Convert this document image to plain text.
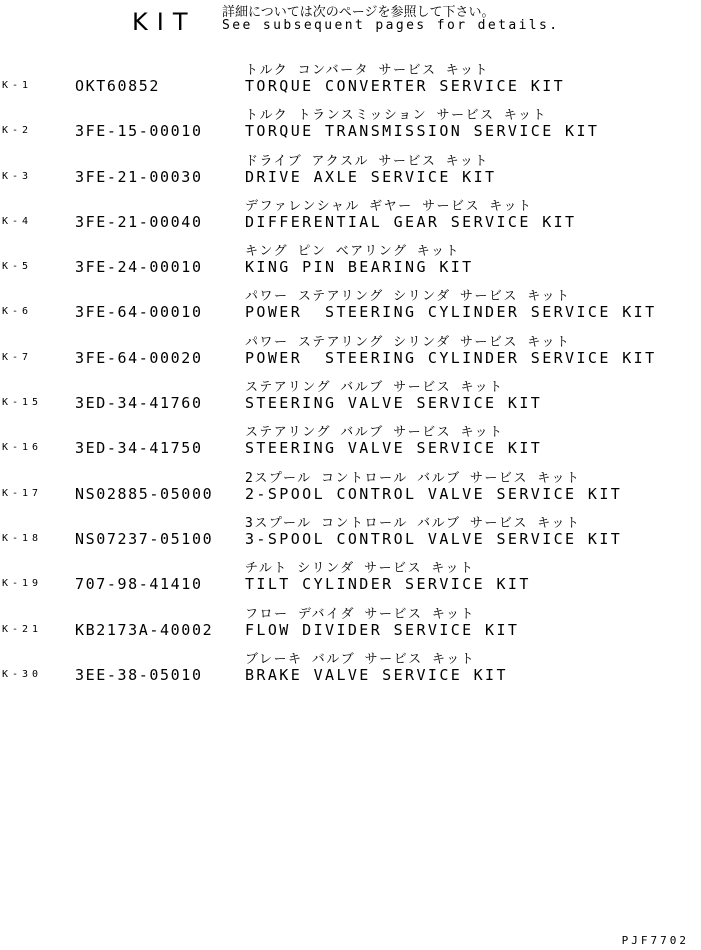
KIT 詳細については次のページを参照して下さい。
See subsequent pages for details.
K-1	OKT60852
トルク コンバータ サービス キット
TORQUE CONVERTER SERVICE KIT
K-2	3FE-15-00010
トルク トランスミッション サービス キット
TORQUE TRANSMISSION SERVICE KIT
K-3	3FE-21-00030
ドライブ アクスル サービス キット
DRIVE AXLE SERVICE KIT
K-4	3FE-21-00040
デファレンシャル ギヤー サービス キット
DIFFERENTIAL GEAR SERVICE KIT
K-5	3FE-24-00010
キング ピン ベアリング キット
KING PIN BEARING KIT
K-6	3FE-64-00010
パワー ステアリング シリンダ サービス キット
POWER  STEERING CYLINDER SERVICE KIT
K-7	3FE-64-00020
パワー ステアリング シリンダ サービス キット
POWER  STEERING CYLINDER SERVICE KIT
K-15 3ED-34-41760
ステアリング バルブ サービス キット
STEERING VALVE SERVICE KIT
K-16 3ED-34-41750
ステアリング バルブ サービス キット
STEERING VALVE SERVICE KIT
K-17 NS02885-05000
2スプール コントロール バルブ サービス キット
2-SPOOL CONTROL VALVE SERVICE KIT
K-18 NS07237-05100
3スプール コントロール バルブ サービス キット
3-SPOOL CONTROL VALVE SERVICE KIT
K-19 707-98-41410
チルト シリンダ サービス キット
TILT CYLINDER SERVICE KIT
K-21 KB2173A-40002
フロー デバイダ サービス キット
FLOW DIVIDER SERVICE KIT
K-30 3EE-38-05010
ブレーキ バルブ サービス キット
BRAKE VALVE SERVICE KIT
PJF7702
